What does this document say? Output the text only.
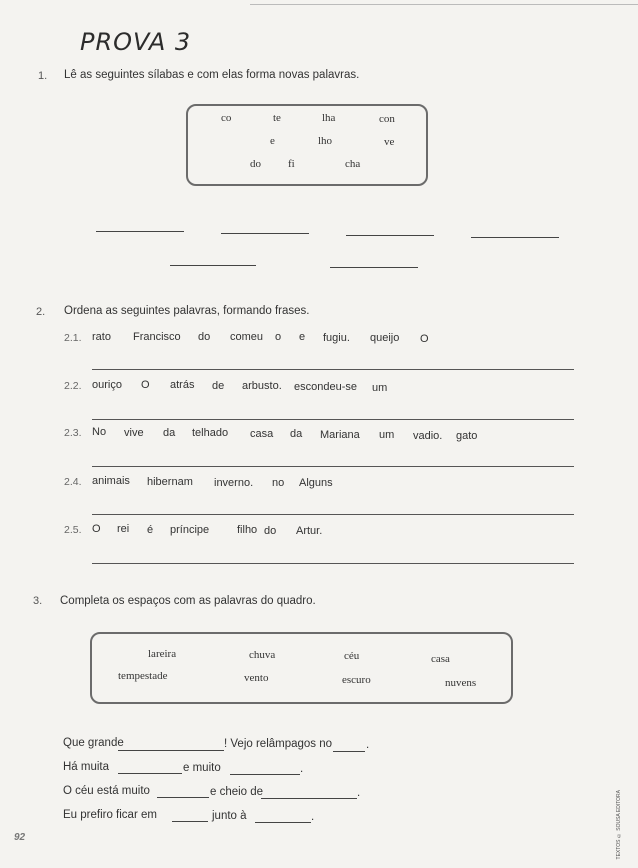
PROVA 3
1. Lê as seguintes sílabas e com elas forma novas palavras.
co	te	lha	con
e	lho	ve
do fi	cha
2. Ordena as seguintes palavras, formando frases.
2.1. rato Francisco do comeu o e fugiu. queijo O
2.2. ouriço O atrás de arbusto. escondeu-se um
2.3. No vive da telhado casa da Mariana um vadio. gato
2.4. animais hibernam inverno. no Alguns
2.5. O rei é príncipe	filho do Artur.
3. Completa os espaços com as palavras do quadro.
lareira	chuva	céu	casa
tempestade	vento	escuro	nuvens
Que grande	! Vejo relâmpagos no	.
Há muita	e muito	.
O céu está muito	e cheio de	.
Eu prefiro ficar em	junto à	.
92	TEXTOS © SOUSA EDITORA
